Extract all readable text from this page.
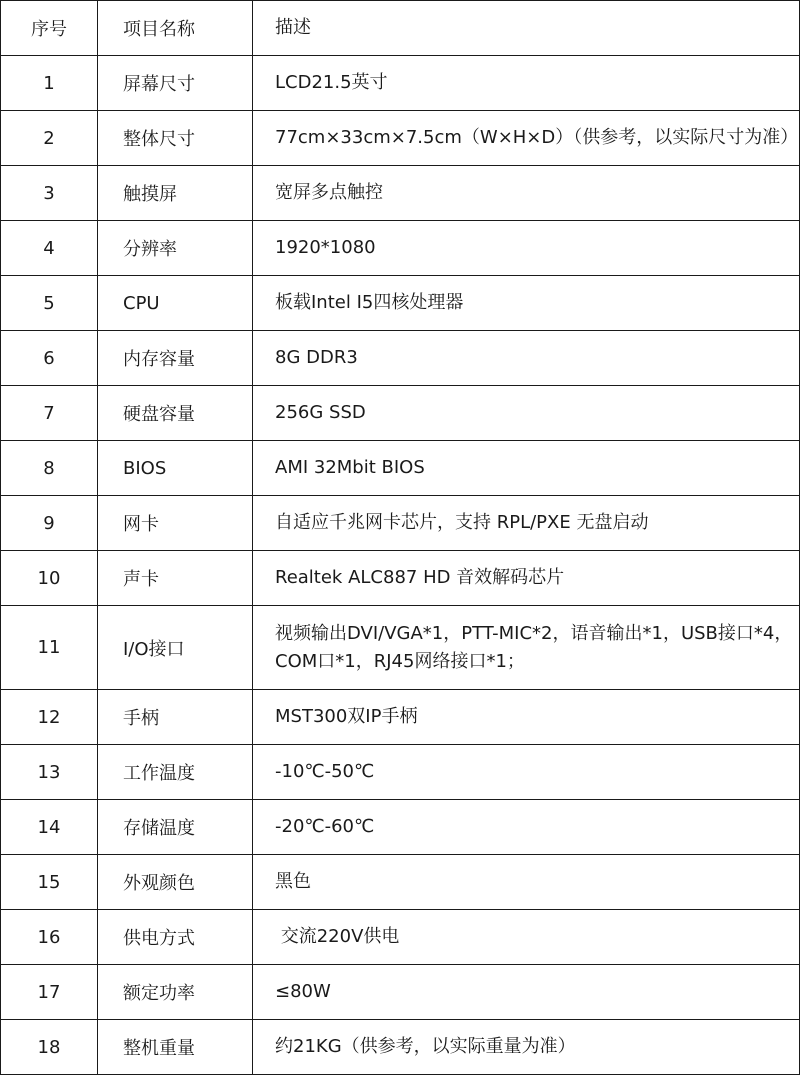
序号	项目名称	描述
1	屏幕尺寸	LCD21.5英寸
2	整体尺寸	77cm×33cm×7.5cm（W×H×D）（供参考，以实际尺寸为准）
3	触摸屏	宽屏多点触控
4	分辨率	1920*1080
5	CPU	板载Intel I5四核处理器
6	内存容量	8G DDR3
7	硬盘容量	256G SSD
8	BIOS	AMI 32Mbit BIOS
9	网卡	自适应千兆网卡芯片，支持 RPL/PXE 无盘启动
10	声卡	Realtek ALC887 HD 音效解码芯片
11	I/O接口	视频输出DVI/VGA*1，PTT-MIC*2，语音输出*1，USB接口*4，COM口*1，RJ45网络接口*1；
12	手柄	MST300双IP手柄
13	工作温度	-10℃-50℃
14	存储温度	-20℃-60℃
15	外观颜色	黑色
16	供电方式	交流220V供电
17	额定功率	≤80W
18	整机重量	约21KG（供参考，以实际重量为准）
